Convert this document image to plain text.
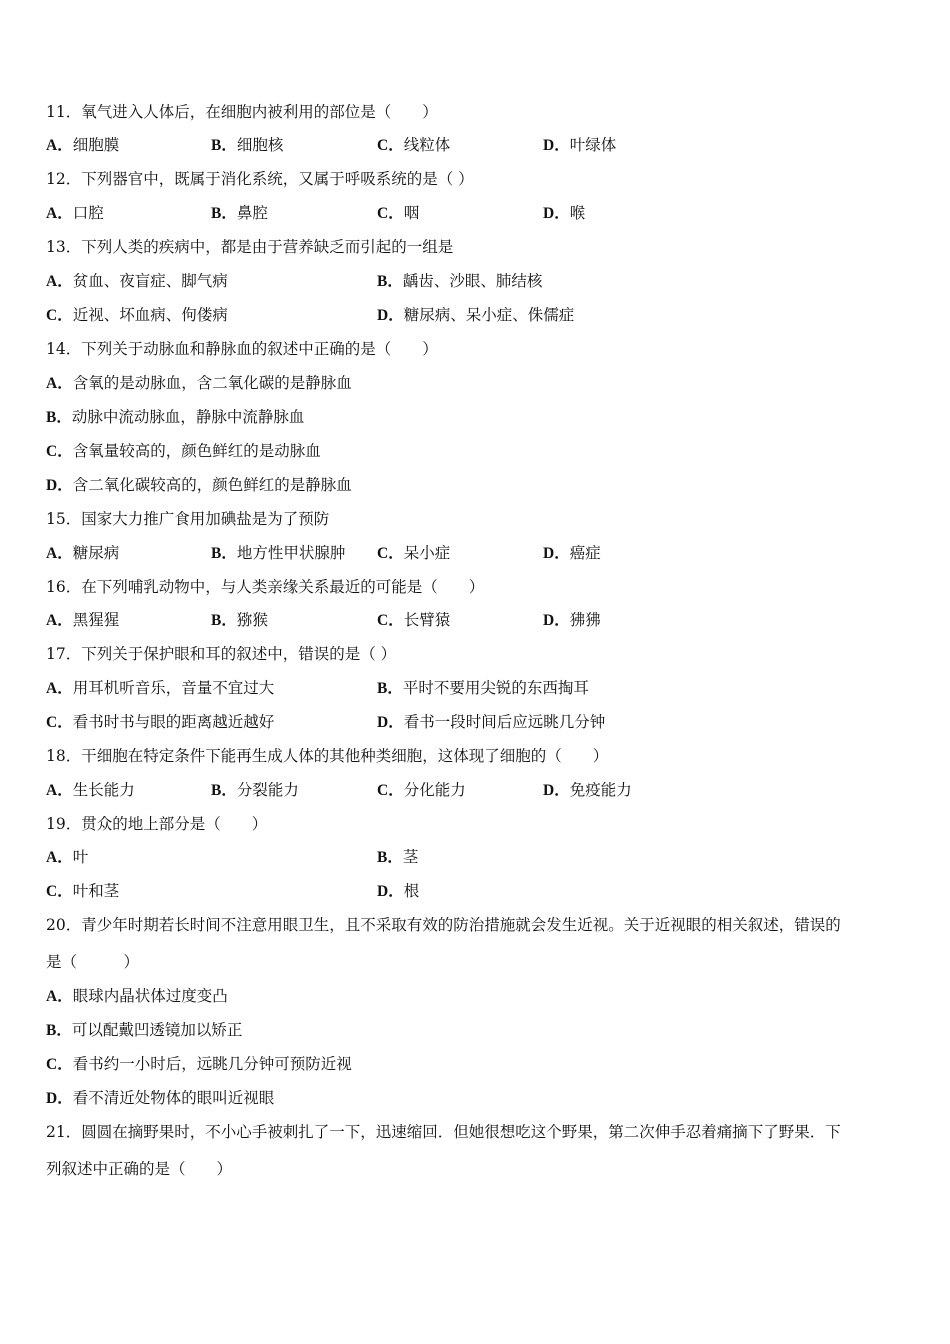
11．氧气进入人体后，在细胞内被利用的部位是（　　）
A．细胞膜	B．细胞核	C．线粒体	D．叶绿体
12．下列器官中，既属于消化系统，又属于呼吸系统的是（ ）
A．口腔	B．鼻腔	C．咽	D．喉
13．下列人类的疾病中，都是由于营养缺乏而引起的一组是
A．贫血、夜盲症、脚气病	B．龋齿、沙眼、肺结核
C．近视、坏血病、佝偻病	D．糖尿病、呆小症、侏儒症
14．下列关于动脉血和静脉血的叙述中正确的是（　　）
A．含氧的是动脉血，含二氧化碳的是静脉血
B．动脉中流动脉血，静脉中流静脉血
C．含氧量较高的，颜色鲜红的是动脉血
D．含二氧化碳较高的，颜色鲜红的是静脉血
15．国家大力推广食用加碘盐是为了预防
A．糖尿病	B．地方性甲状腺肿 C．呆小症	D．癌症
16．在下列哺乳动物中，与人类亲缘关系最近的可能是（　　）
A．黑猩猩	B．猕猴	C．长臂猿	D．狒狒
17．下列关于保护眼和耳的叙述中，错误的是（ ）
A．用耳机听音乐，音量不宜过大	B．平时不要用尖锐的东西掏耳
C．看书时书与眼的距离越近越好	D．看书一段时间后应远眺几分钟
18．干细胞在特定条件下能再生成人体的其他种类细胞，这体现了细胞的（　　）
A．生长能力	B．分裂能力	C．分化能力	D．免疫能力
19．贯众的地上部分是（　　）
A．叶	B．茎
C．叶和茎	D．根
20．青少年时期若长时间不注意用眼卫生，且不采取有效的防治措施就会发生近视。关于近视眼的相关叙述，错误的
是（　　　）
A．眼球内晶状体过度变凸
B．可以配戴凹透镜加以矫正
C．看书约一小时后，远眺几分钟可预防近视
D．看不清近处物体的眼叫近视眼
21．圆圆在摘野果时，不小心手被刺扎了一下，迅速缩回．但她很想吃这个野果，第二次伸手忍着痛摘下了野果．下
列叙述中正确的是（　　）
